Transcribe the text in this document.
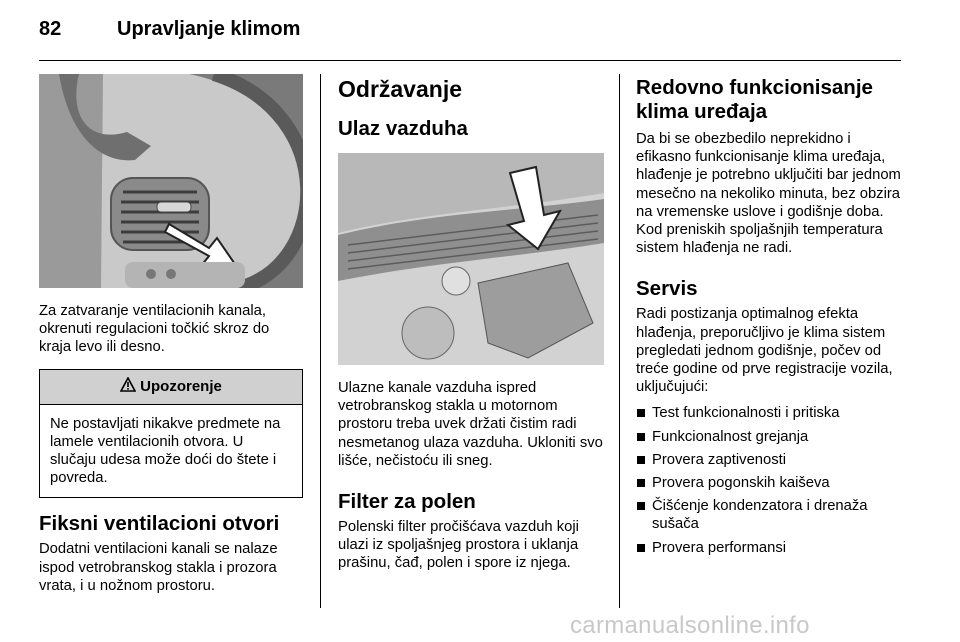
82	Upravljanje klimom

Za zatvaranje ventilacionih kanala, okrenuti regulacioni točkić skroz do kraja levo ili desno.

Upozorenje

Ne postavljati nikakve predmete na lamele ventilacionih otvora. U slučaju udesa može doći do štete i povreda.

Fiksni ventilacioni otvori

Dodatni ventilacioni kanali se nalaze ispod vetrobranskog stakla i prozora vrata, i u nožnom prostoru.

Održavanje
Ulaz vazduha

Ulazne kanale vazduha ispred vetrobranskog stakla u motornom prostoru treba uvek držati čistim radi nesmetanog ulaza vazduha. Ukloniti svo lišće, nečistoću ili sneg.

Filter za polen

Polenski filter pročišćava vazduh koji ulazi iz spoljašnjeg prostora i uklanja prašinu, čađ, polen i spore iz njega.

Redovno funkcionisanje klima uređaja

Da bi se obezbedilo neprekidno i efikasno funkcionisanje klima uređaja, hlađenje je potrebno uključiti bar jednom mesečno na nekoliko minuta, bez obzira na vremenske uslove i godišnje doba. Kod preniskih spoljašnjih temperatura sistem hlađenja ne radi.

Servis

Radi postizanja optimalnog efekta hlađenja, preporučljivo je klima sistem pregledati jednom godišnje, počev od treće godine od prve registracije vozila, uključujući:

Test funkcionalnosti i pritiska
Funkcionalnost grejanja
Provera zaptivenosti
Provera pogonskih kaiševa
Čišćenje kondenzatora i drenaža sušača
Provera performansi
carmanualsonline.info
